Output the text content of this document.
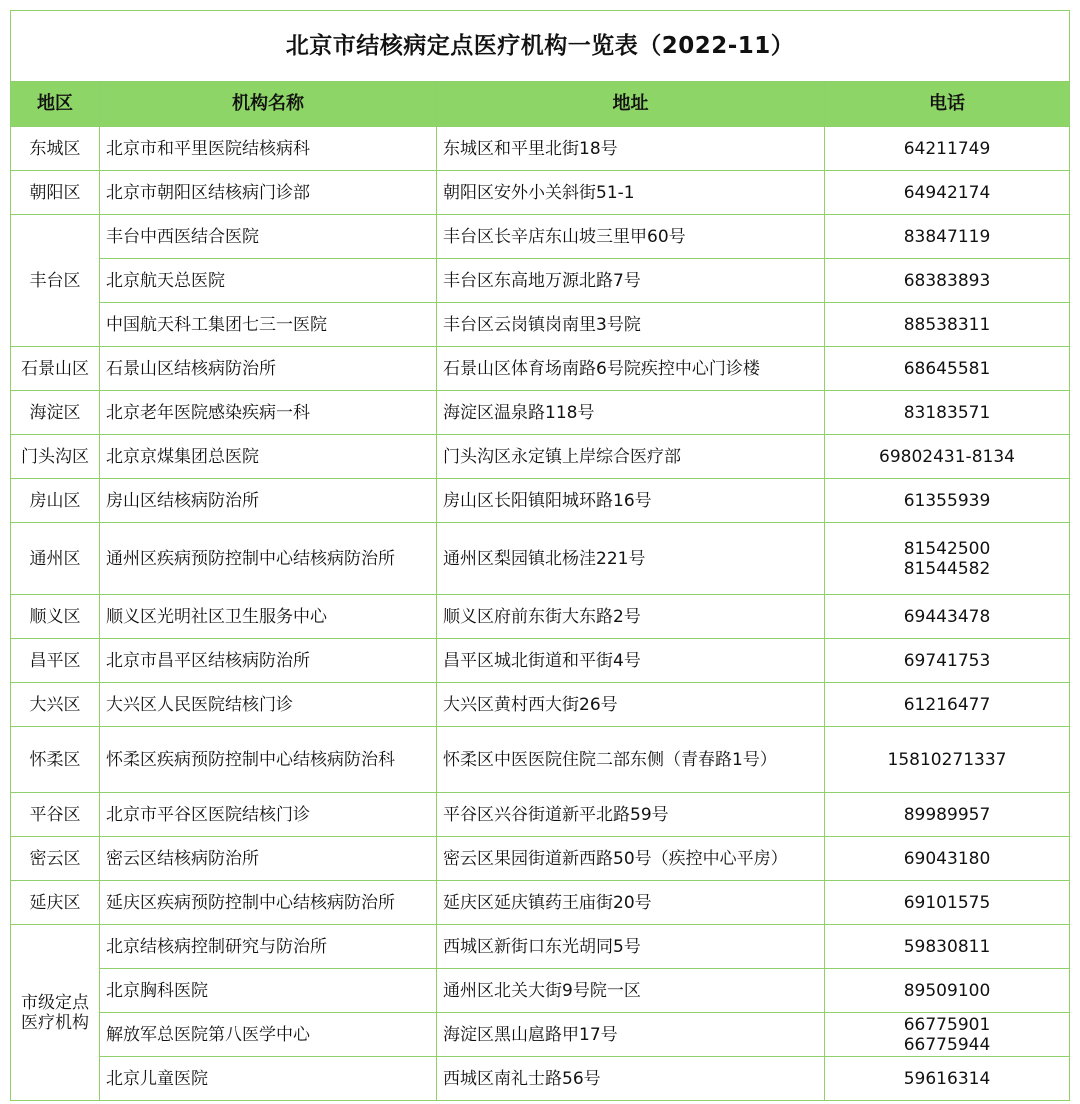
北京市结核病定点医疗机构一览表（2022-11）			
地区	机构名称	地址	电话
东城区	北京市和平里医院结核病科	东城区和平里北街18号	64211749
朝阳区	北京市朝阳区结核病门诊部	朝阳区安外小关斜街51-1	64942174
丰台区	丰台中西医结合医院	丰台区长辛店东山坡三里甲60号	83847119
	北京航天总医院	丰台区东高地万源北路7号	68383893
	中国航天科工集团七三一医院	丰台区云岗镇岗南里3号院	88538311
石景山区	石景山区结核病防治所	石景山区体育场南路6号院疾控中心门诊楼	68645581
海淀区	北京老年医院感染疾病一科	海淀区温泉路118号	83183571
门头沟区	北京京煤集团总医院	门头沟区永定镇上岸综合医疗部	69802431-8134
房山区	房山区结核病防治所	房山区长阳镇阳城环路16号	61355939
通州区	通州区疾病预防控制中心结核病防治所	通州区梨园镇北杨洼221号	81542500
81544582

顺义区	顺义区光明社区卫生服务中心	顺义区府前东街大东路2号	69443478
昌平区	北京市昌平区结核病防治所	昌平区城北街道和平街4号	69741753
大兴区	大兴区人民医院结核门诊	大兴区黄村西大街26号	61216477
怀柔区	怀柔区疾病预防控制中心结核病防治科	怀柔区中医医院住院二部东侧（青春路1号）	15810271337
平谷区	北京市平谷区医院结核门诊	平谷区兴谷街道新平北路59号	89989957
密云区	密云区结核病防治所	密云区果园街道新西路50号（疾控中心平房）	69043180
延庆区	延庆区疾病预防控制中心结核病防治所	延庆区延庆镇药王庙街20号	69101575
市级定点医疗机构	北京结核病控制研究与防治所	西城区新街口东光胡同5号	59830811
	北京胸科医院	通州区北关大街9号院一区	89509100
	解放军总医院第八医学中心	海淀区黑山扈路甲17号	66775901
66775944

	北京儿童医院	西城区南礼士路56号	59616314
